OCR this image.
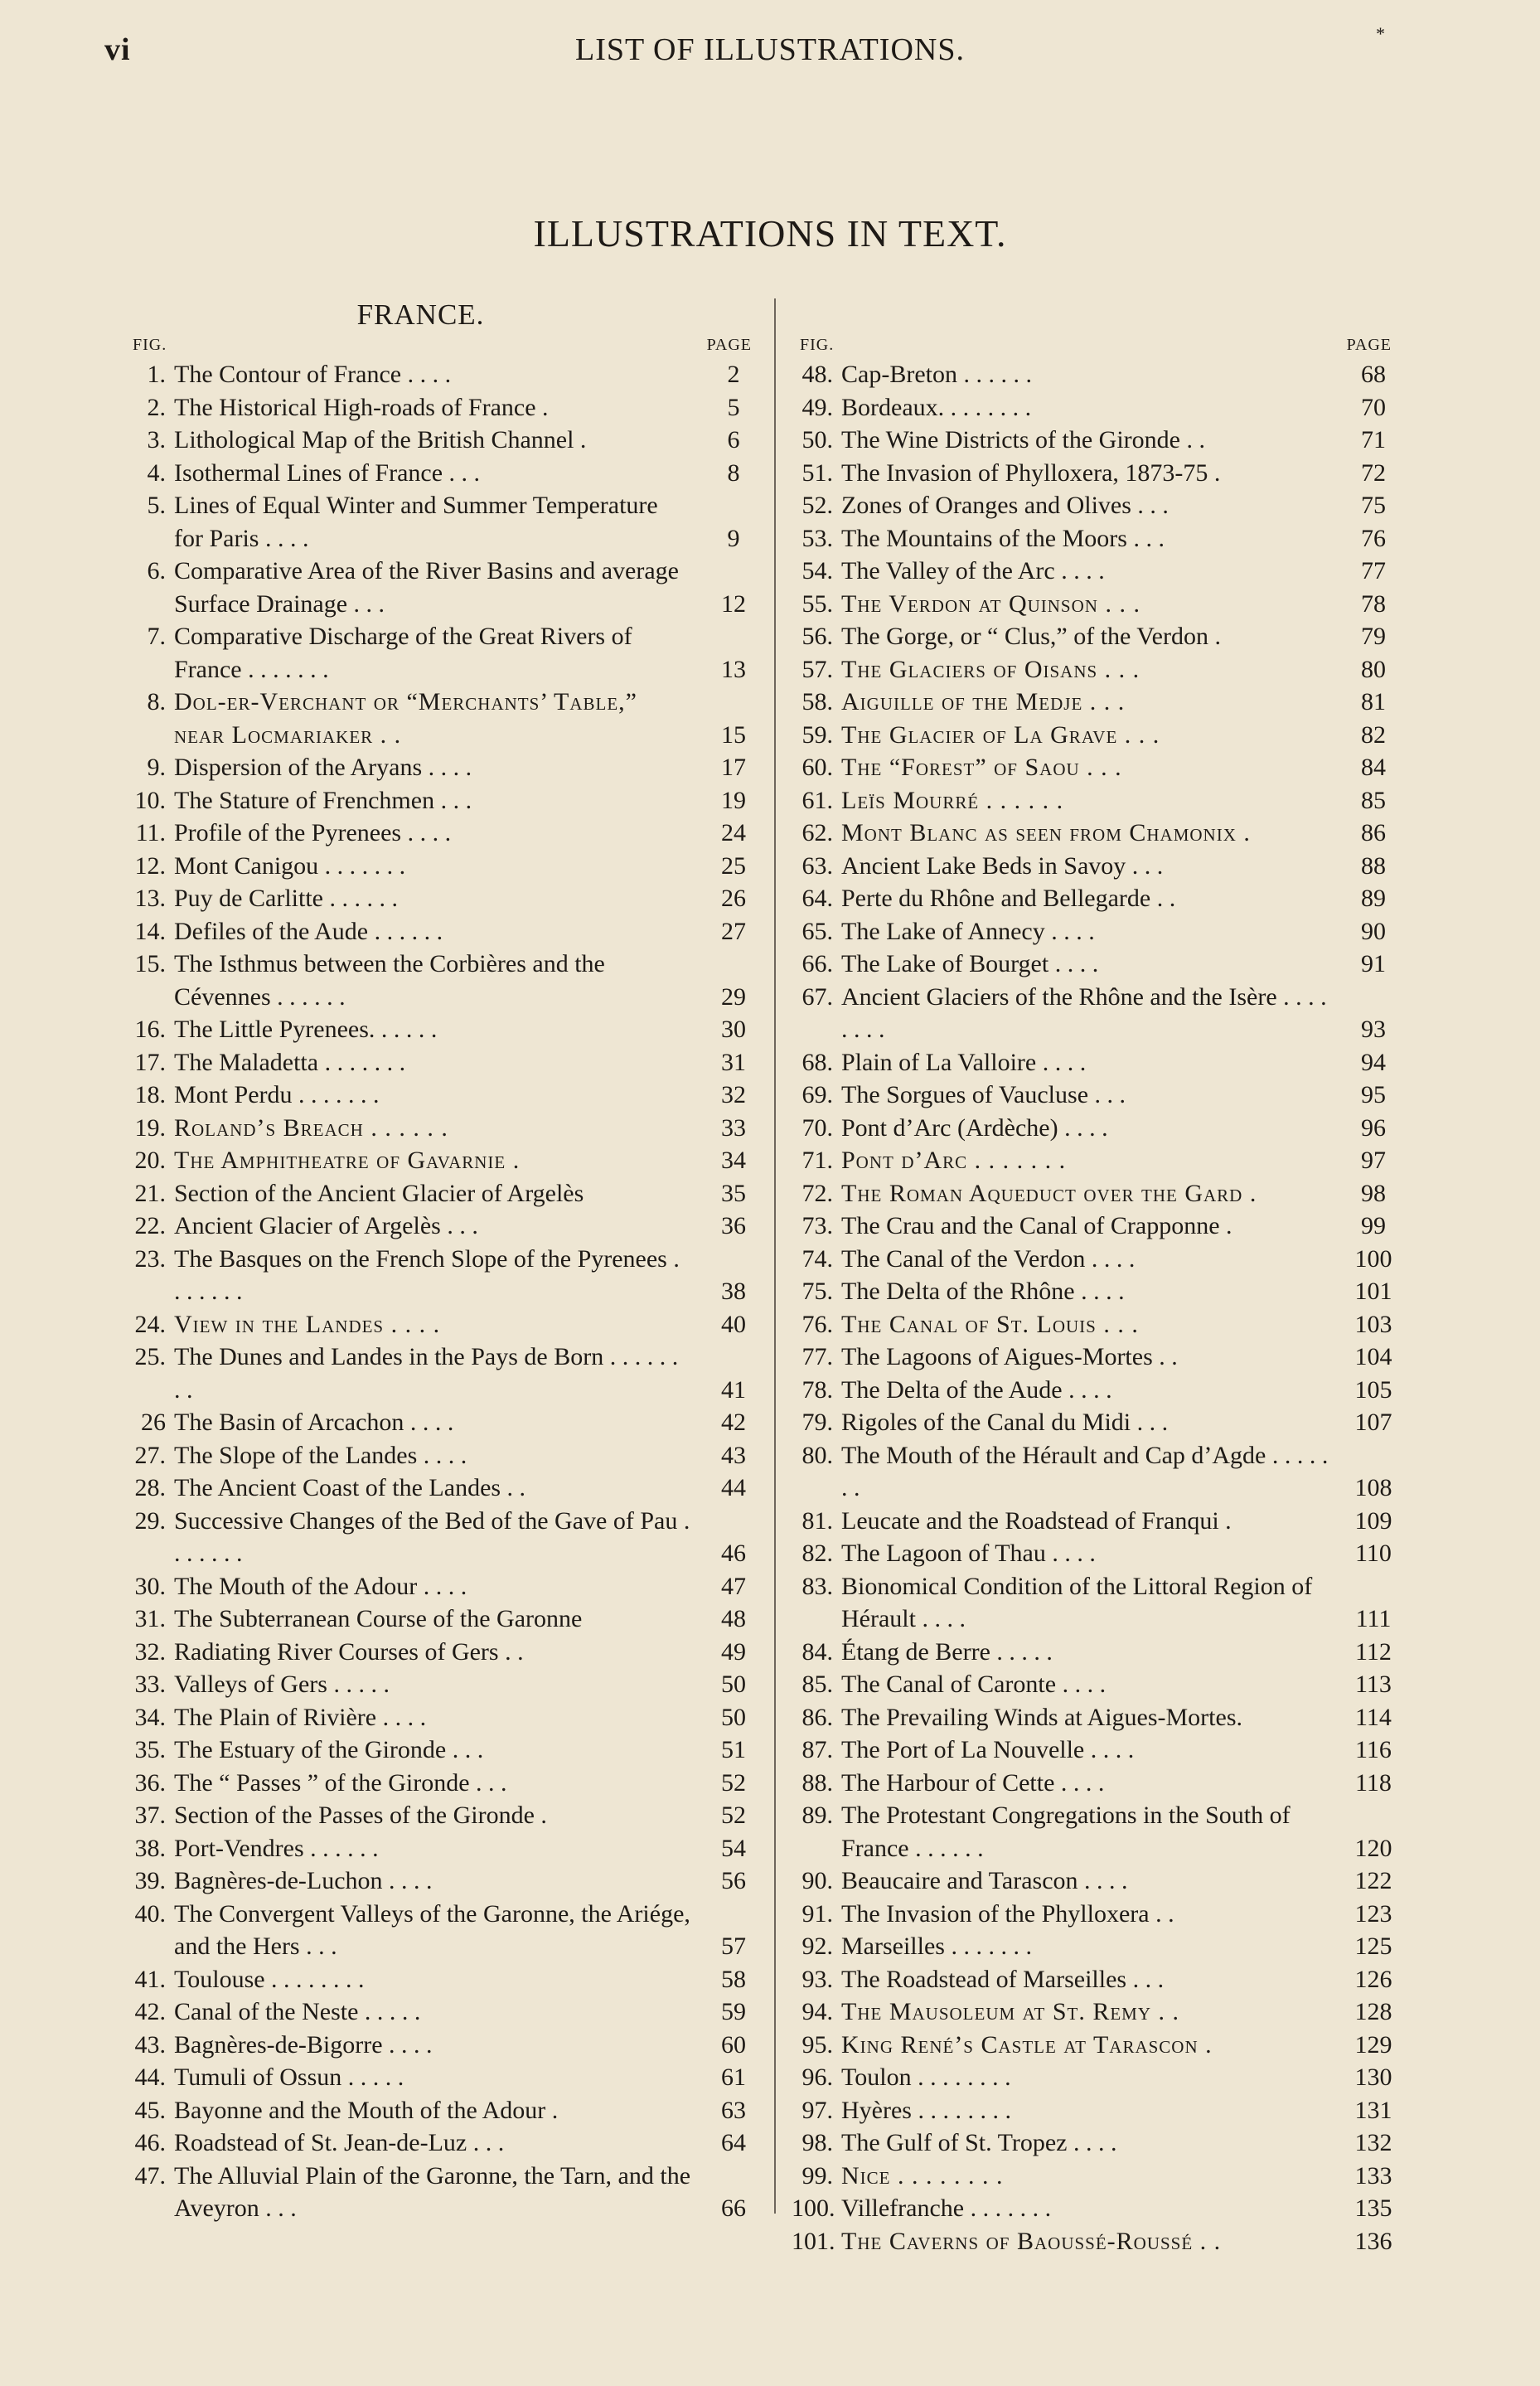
vi	LIST OF ILLUSTRATIONS.	*
ILLUSTRATIONS IN TEXT.
FRANCE.
FIG.	PAGE
1. The Contour of France . . . .	2
2. The Historical High-roads of France .	5
3. Lithological Map of the British Channel .	6
4. Isothermal Lines of France . . .	8
5. Lines of Equal Winter and Summer Temperature for Paris . . . .	9
6. Comparative Area of the River Basins and average Surface Drainage . . .	12
7. Comparative Discharge of the Great Rivers of France . . . . . . .	13
8. Dol-er-Verchant or “Merchants’ Table,” near Locmariaker . .	15
9. Dispersion of the Aryans . . . .	17
10. The Stature of Frenchmen . . .	19
11. Profile of the Pyrenees . . . .	24
12. Mont Canigou . . . . . . .	25
13. Puy de Carlitte . . . . . .	26
14. Defiles of the Aude . . . . . .	27
15. The Isthmus between the Corbières and the Cévennes . . . . . .	29
16. The Little Pyrenees. . . . . .	30
17. The Maladetta . . . . . . .	31
18. Mont Perdu . . . . . . .	32
19. Roland’s Breach . . . . . .	33
20. The Amphitheatre of Gavarnie .	34
21. Section of the Ancient Glacier of Argelès	35
22. Ancient Glacier of Argelès . . .	36
23. The Basques on the French Slope of the Pyrenees . . . . . . .	38
24. View in the Landes . . . .	40
25. The Dunes and Landes in the Pays de Born . . . . . . . .	41
26 The Basin of Arcachon . . . .	42
27. The Slope of the Landes . . . .	43
28. The Ancient Coast of the Landes . .	44
29. Successive Changes of the Bed of the Gave of Pau . . . . . . .	46
30. The Mouth of the Adour . . . .	47
31. The Subterranean Course of the Garonne	48
32. Radiating River Courses of Gers . .	49
33. Valleys of Gers . . . . .	50
34. The Plain of Rivière . . . .	50
35. The Estuary of the Gironde . . .	51
36. The “ Passes ” of the Gironde . . .	52
37. Section of the Passes of the Gironde .	52
38. Port-Vendres . . . . . .	54
39. Bagnères-de-Luchon . . . .	56
40. The Convergent Valleys of the Garonne, the Ariége, and the Hers . . .	57
41. Toulouse . . . . . . . .	58
42. Canal of the Neste . . . . .	59
43. Bagnères-de-Bigorre . . . .	60
44. Tumuli of Ossun . . . . .	61
45. Bayonne and the Mouth of the Adour .	63
46. Roadstead of St. Jean-de-Luz . . .	64
47. The Alluvial Plain of the Garonne, the Tarn, and the Aveyron . . .	66
FIG.	PAGE
48. Cap-Breton . . . . . .	68
49. Bordeaux. . . . . . . .	70
50. The Wine Districts of the Gironde . .	71
51. The Invasion of Phylloxera, 1873-75 .	72
52. Zones of Oranges and Olives . . .	75
53. The Mountains of the Moors . . .	76
54. The Valley of the Arc . . . .	77
55. The Verdon at Quinson . . .	78
56. The Gorge, or “ Clus,” of the Verdon .	79
57. The Glaciers of Oisans . . .	80
58. Aiguille of the Medje . . .	81
59. The Glacier of La Grave . . .	82
60. The “Forest” of Saou . . .	84
61. Leïs Mourré . . . . . .	85
62. Mont Blanc as seen from Chamonix .	86
63. Ancient Lake Beds in Savoy . . .	88
64. Perte du Rhône and Bellegarde . .	89
65. The Lake of Annecy . . . .	90
66. The Lake of Bourget . . . .	91
67. Ancient Glaciers of the Rhône and the Isère . . . . . . . .	93
68. Plain of La Valloire . . . .	94
69. The Sorgues of Vaucluse . . .	95
70. Pont d’Arc (Ardèche) . . . .	96
71. Pont d’Arc . . . . . . .	97
72. The Roman Aqueduct over the Gard .	98
73. The Crau and the Canal of Crapponne .	99
74. The Canal of the Verdon . . . .	100
75. The Delta of the Rhône . . . .	101
76. The Canal of St. Louis . . .	103
77. The Lagoons of Aigues-Mortes . .	104
78. The Delta of the Aude . . . .	105
79. Rigoles of the Canal du Midi . . .	107
80. The Mouth of the Hérault and Cap d’Agde . . . . . . .	108
81. Leucate and the Roadstead of Franqui .	109
82. The Lagoon of Thau . . . .	110
83. Bionomical Condition of the Littoral Region of Hérault . . . .	111
84. Étang de Berre . . . . .	112
85. The Canal of Caronte . . . .	113
86. The Prevailing Winds at Aigues-Mortes.	114
87. The Port of La Nouvelle . . . .	116
88. The Harbour of Cette . . . .	118
89. The Protestant Congregations in the South of France . . . . . .	120
90. Beaucaire and Tarascon . . . .	122
91. The Invasion of the Phylloxera . .	123
92. Marseilles . . . . . . .	125
93. The Roadstead of Marseilles . . .	126
94. The Mausoleum at St. Remy . .	128
95. King René’s Castle at Tarascon .	129
96. Toulon . . . . . . . .	130
97. Hyères . . . . . . . .	131
98. The Gulf of St. Tropez . . . .	132
99. Nice . . . . . . . .	133
100. Villefranche . . . . . . .	135
101. The Caverns of Baoussé-Roussé . .	136
